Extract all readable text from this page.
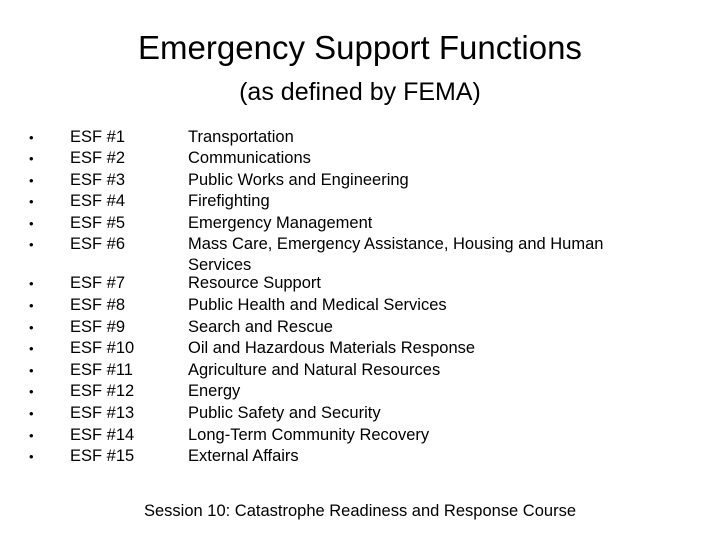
Emergency Support Functions
(as defined by FEMA)
•	ESF #1	Transportation
•	ESF #2	Communications
•	ESF #3	Public Works and Engineering
•	ESF #4	Firefighting
•	ESF #5	Emergency Management
•	ESF #6	Mass Care, Emergency Assistance, Housing and Human Services
•	ESF #7	Resource Support
•	ESF #8	Public Health and Medical Services
•	ESF #9	Search and Rescue
•	ESF #10	Oil and Hazardous Materials Response
•	ESF #11	Agriculture and Natural Resources
•	ESF #12	Energy
•	ESF #13	Public Safety and Security
•	ESF #14	Long-Term Community Recovery
•	ESF #15	External Affairs
Session 10: Catastrophe Readiness and Response Course
